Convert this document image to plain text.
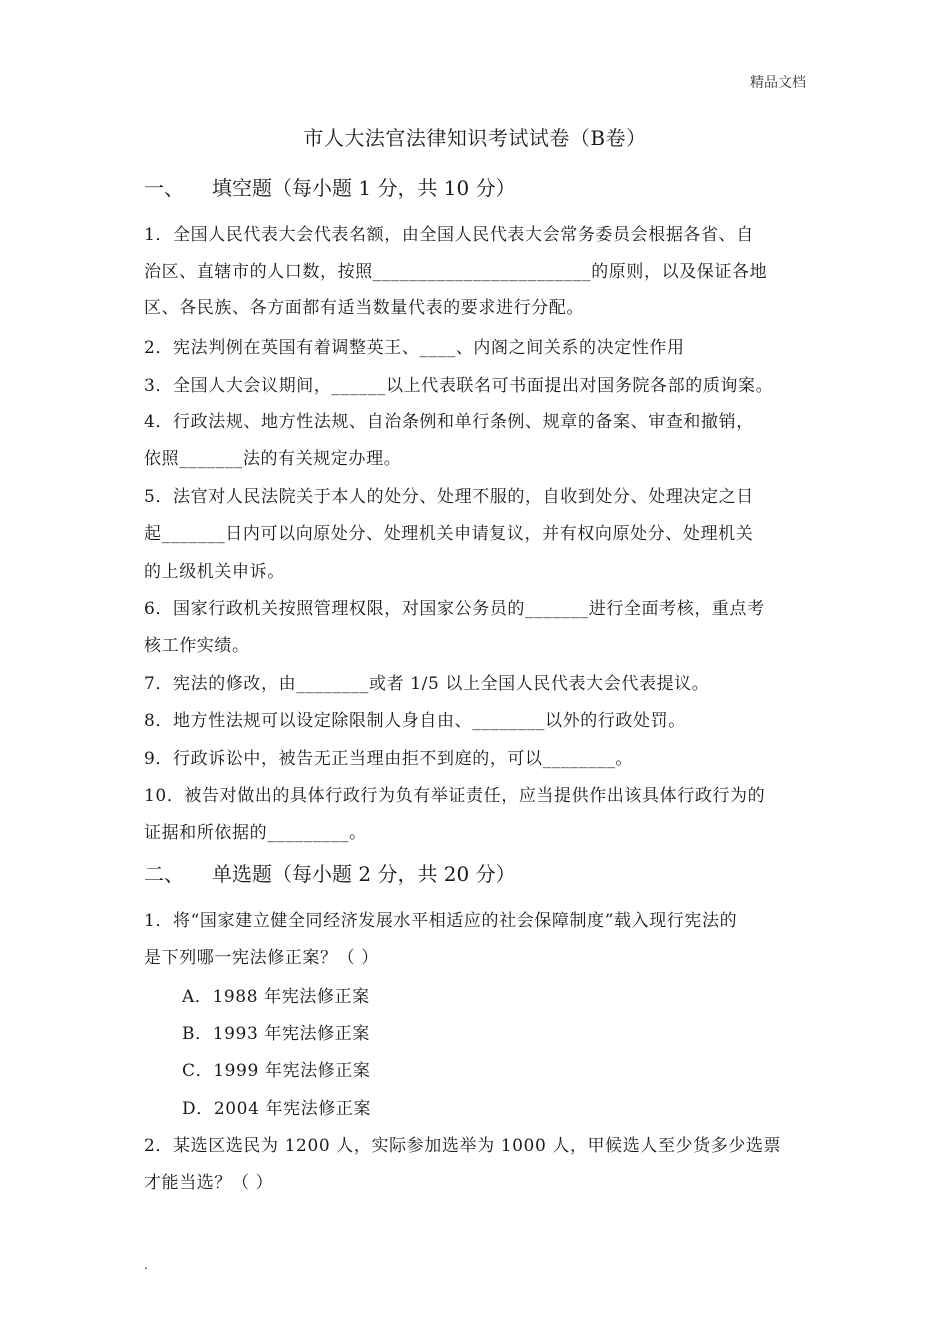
精品文档
市人大法官法律知识考试试卷（B卷）
一、 填空题（每小题 1 分，共 10 分）
1．全国人民代表大会代表名额，由全国人民代表大会常务委员会根据各省、自
治区、直辖市的人口数，按照________________________的原则，以及保证各地
区、各民族、各方面都有适当数量代表的要求进行分配。
2．宪法判例在英国有着调整英王、____、内阁之间关系的决定性作用
3．全国人大会议期间，______以上代表联名可书面提出对国务院各部的质询案。
4．行政法规、地方性法规、自治条例和单行条例、规章的备案、审查和撤销，
依照_______法的有关规定办理。
5．法官对人民法院关于本人的处分、处理不服的，自收到处分、处理决定之日
起_______日内可以向原处分、处理机关申请复议，并有权向原处分、处理机关
的上级机关申诉。
6．国家行政机关按照管理权限，对国家公务员的_______进行全面考核，重点考
核工作实绩。
7．宪法的修改，由________或者 1/5 以上全国人民代表大会代表提议。
8．地方性法规可以设定除限制人身自由、________以外的行政处罚。
9．行政诉讼中，被告无正当理由拒不到庭的，可以________。
10．被告对做出的具体行政行为负有举证责任，应当提供作出该具体行政行为的
证据和所依据的_________。
二、 单选题（每小题 2 分，共 20 分）
1．将“国家建立健全同经济发展水平相适应的社会保障制度”载入现行宪法的
是下列哪一宪法修正案？（ ）
A．1988 年宪法修正案
B．1993 年宪法修正案
C．1999 年宪法修正案
D．2004 年宪法修正案
2．某选区选民为 1200 人，实际参加选举为 1000 人，甲候选人至少货多少选票
才能当选？（ ）
.
